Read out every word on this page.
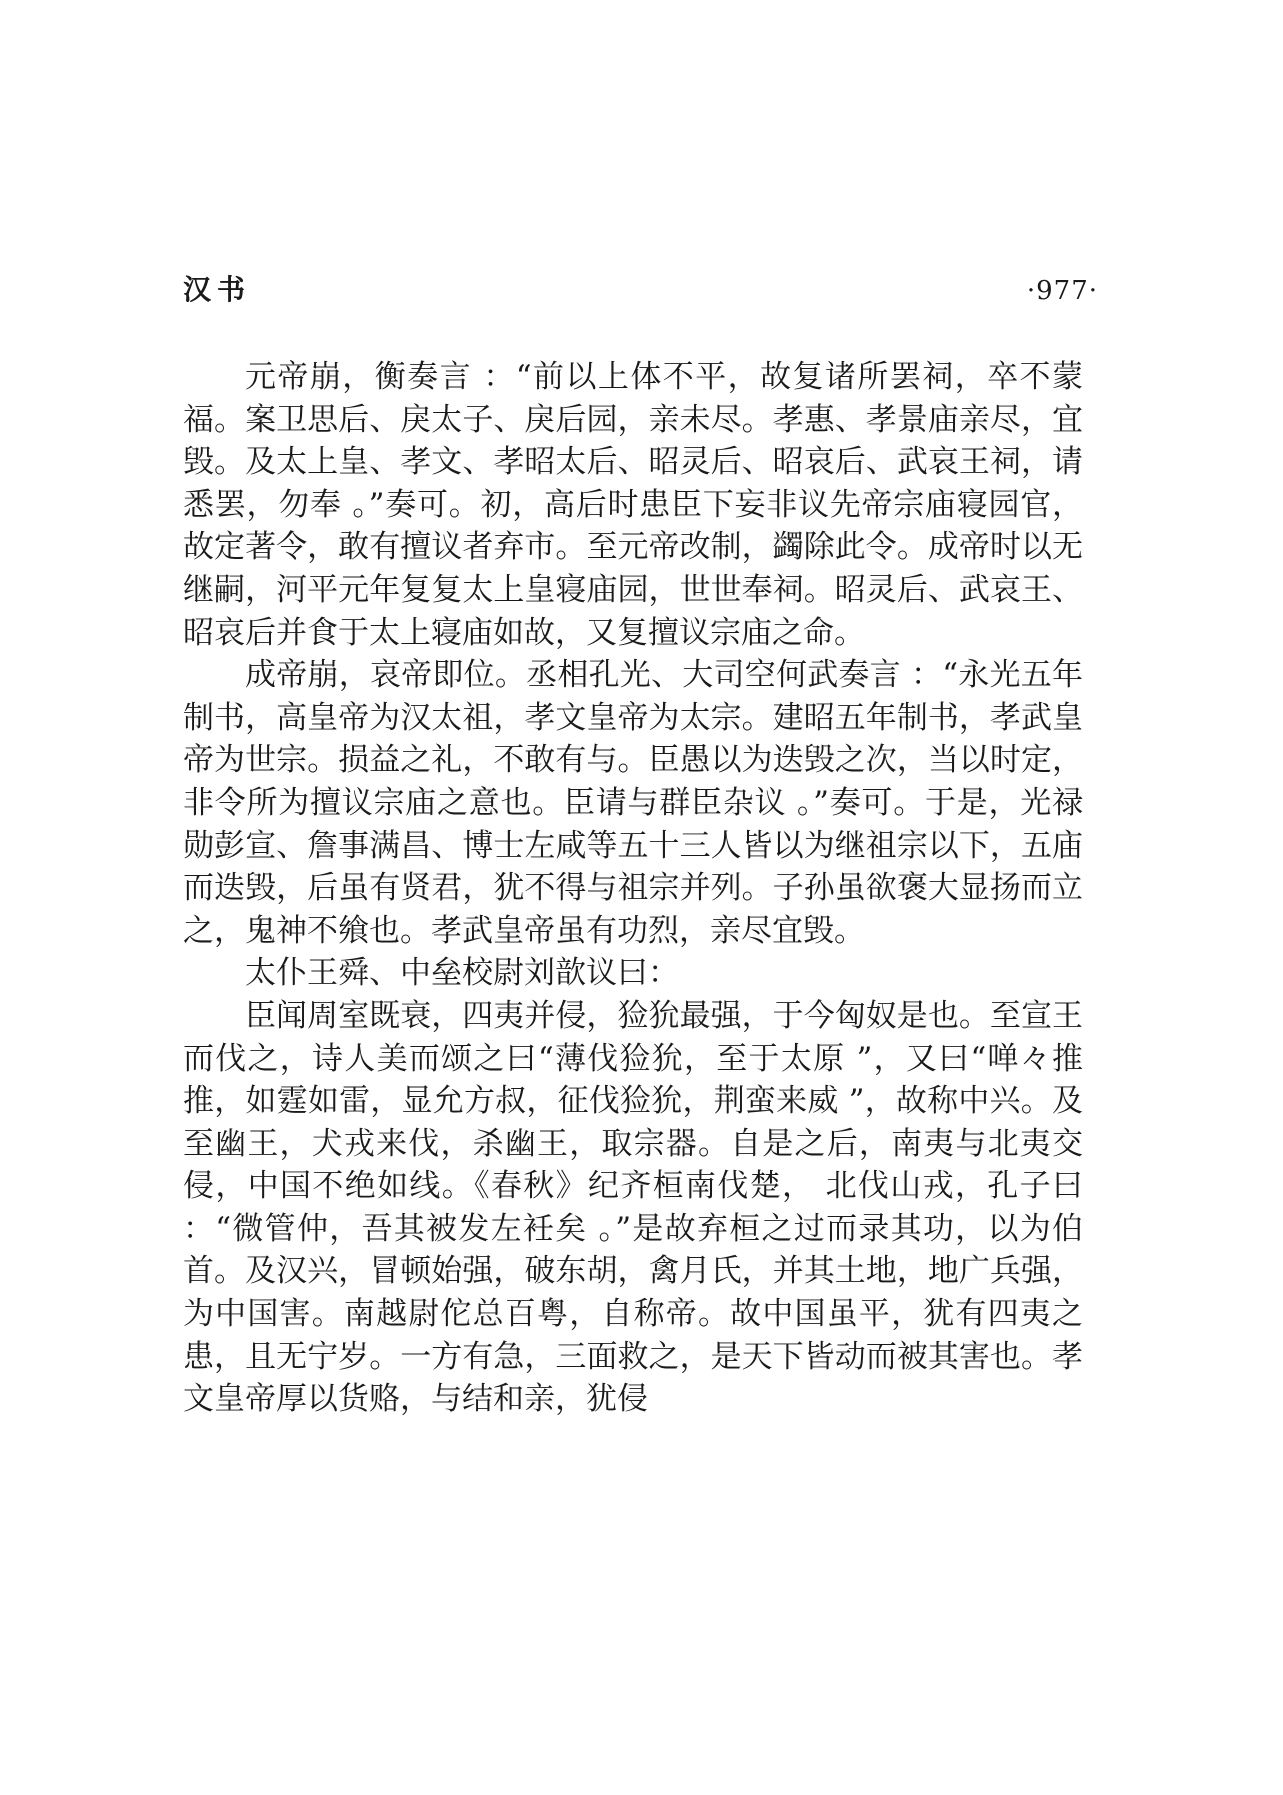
汉书	·977·

元帝崩，衡奏言 ：“前以上体不平，故复诸所罢祠，卒不蒙福。案卫思后、戾太子、戾后园，亲未尽。孝惠、孝景庙亲尽，宜毁。及太上皇、孝文、孝昭太后、昭灵后、昭哀后、武哀王祠，请悉罢，勿奉 。”奏可。初，高后时患臣下妄非议先帝宗庙寝园官，故定著令，敢有擅议者弃市。至元帝改制，蠲除此令。成帝时以无继嗣，河平元年复复太上皇寝庙园，世世奉祠。昭灵后、武哀王、昭哀后并食于太上寝庙如故，又复擅议宗庙之命。

成帝崩，哀帝即位。丞相孔光、大司空何武奏言 ：“永光五年制书，高皇帝为汉太祖，孝文皇帝为太宗。建昭五年制书，孝武皇帝为世宗。损益之礼，不敢有与。臣愚以为迭毁之次，当以时定，非令所为擅议宗庙之意也。臣请与群臣杂议 。”奏可。于是，光禄勋彭宣、詹事满昌、博士左咸等五十三人皆以为继祖宗以下，五庙而迭毁，后虽有贤君，犹不得与祖宗并列。子孙虽欲褒大显扬而立之，鬼神不飨也。孝武皇帝虽有功烈，亲尽宜毁。

太仆王舜、中垒校尉刘歆议曰：

臣闻周室既衰，四夷并侵，猃狁最强，于今匈奴是也。至宣王而伐之，诗人美而颂之曰“薄伐猃狁，至于太原 ”，又曰“啴々推推，如霆如雷，显允方叔，征伐猃狁，荆蛮来威 ”，故称中兴。及至幽王，犬戎来伐，杀幽王，取宗器。自是之后，南夷与北夷交侵，中国不绝如线。《春秋》纪齐桓南伐楚， 北伐山戎，孔子曰 ：“微管仲，吾其被发左衽矣 。”是故弃桓之过而录其功，以为伯首。及汉兴，冒顿始强，破东胡，禽月氏，并其土地，地广兵强，为中国害。南越尉佗总百粤，自称帝。故中国虽平，犹有四夷之患，且无宁岁。一方有急，三面救之，是天下皆动而被其害也。孝文皇帝厚以货赂，与结和亲，犹侵
